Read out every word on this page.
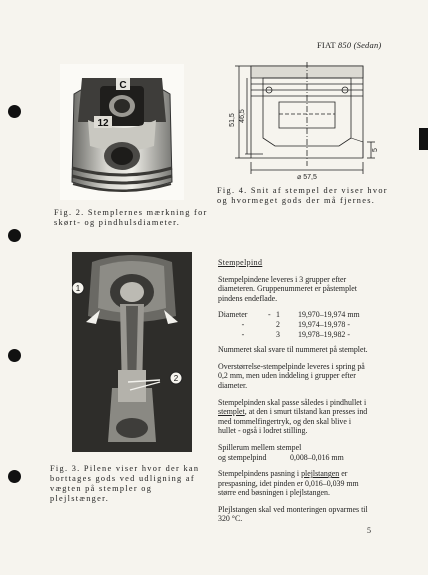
FIAT 850 (Sedan)
C
12
Fig. 2. Stemplernes mærkning for skørt- og pindhulsdiameter.
51,5 46,5
5
⌀ 57,5
Fig. 4. Snit af stempel der viser hvor og hvormeget gods der må fjernes.
1
2
Fig. 3. Pilene viser hvor der kan borttages gods ved udligning af vægten på stempler og plejlstænger.
Stempelpind

Stempelpindene leveres i 3 grupper efter diameteren. Gruppenummeret er påstemplet pindens endeflade.

Diameter	- 1	19,970–19,974 mm
-	2	19,974–19,978 -
-	3	19,978–19,982 -

Nummeret skal svare til nummeret på stemplet.

Overstørrelse-stempelpinde leveres i spring på 0,2 mm, men uden inddeling i grupper efter diameter.

Stempelpinden skal passe således i pindhullet i stemplet, at den i smurt tilstand kan presses ind med tommelfingertryk, og den skal blive i hullet - også i lodret stilling.

Spillerum mellem stempel
og stempelpind	0,008–0,016 mm

Stempelpindens pasning i plejlstangen er prespasning, idet pinden er 0,016–0,039 mm større end bøsningen i plejlstangen.

Plejlstangen skal ved monteringen opvarmes til 320 °C.

5
